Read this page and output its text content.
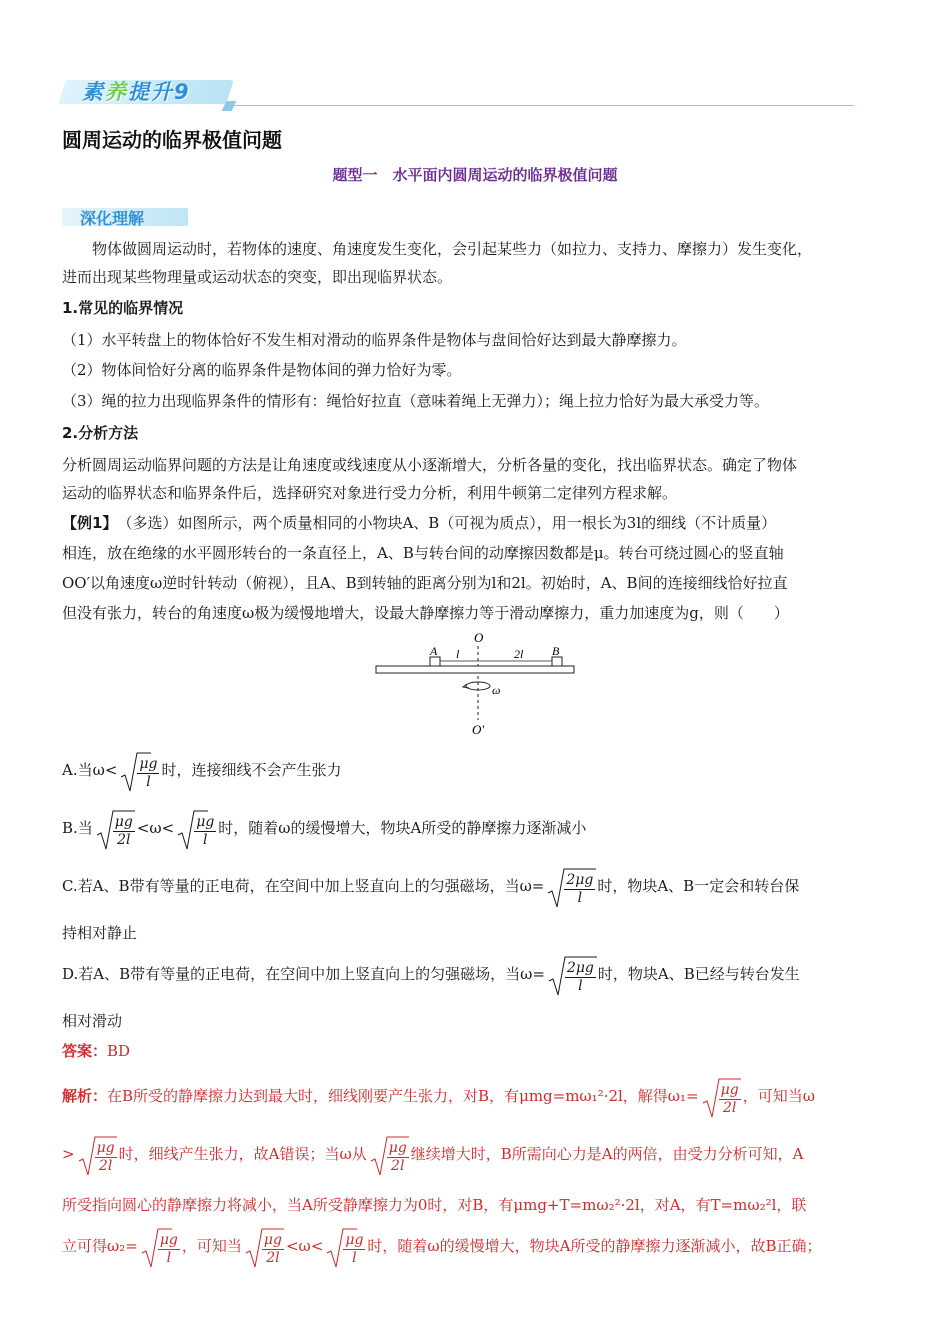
素养提升9
圆周运动的临界极值问题
题型一　水平面内圆周运动的临界极值问题
深化理解
物体做圆周运动时，若物体的速度、角速度发生变化，会引起某些力（如拉力、支持力、摩擦力）发生变化，
进而出现某些物理量或运动状态的突变，即出现临界状态。
1.常见的临界情况
（1）水平转盘上的物体恰好不发生相对滑动的临界条件是物体与盘间恰好达到最大静摩擦力。
（2）物体间恰好分离的临界条件是物体间的弹力恰好为零。
（3）绳的拉力出现临界条件的情形有：绳恰好拉直（意味着绳上无弹力）；绳上拉力恰好为最大承受力等。
2.分析方法
分析圆周运动临界问题的方法是让角速度或线速度从小逐渐增大，分析各量的变化，找出临界状态。确定了物体
运动的临界状态和临界条件后，选择研究对象进行受力分析，利用牛顿第二定律列方程求解。
【例1】　 （多选）如图所示，两个质量相同的小物块A、B（可视为质点），用一根长为3l的细线（不计质量）
相连，放在绝缘的水平圆形转台的一条直径上，A、B与转台间的动摩擦因数都是μ。转台可绕过圆心的竖直轴
OO′以角速度ω逆时针转动（俯视），且A、B到转轴的距离分别为l和2l。初始时，A、B间的连接细线恰好拉直
但没有张力，转台的角速度ω极为缓慢地增大，设最大静摩擦力等于滑动摩擦力，重力加速度为g，则（　　）
O
A	B
l	2l
ω
O′
A.当$\omega< \frac{\mu g}{l}$ 时，连接细线不会产生张力
B.当 $\frac{\mu g}{2l} <\omega< \frac{\mu g}{l}$ 时，随着ω的缓慢增大，物块A所受的静摩擦力逐渐减小
C.若A、B带有等量的正电荷，在空间中加上竖直向上的匀强磁场，当$\omega= \frac{2\mu g}{l}$ 时，物块A、B一定会和转台保
持相对静止
D.若A、B带有等量的正电荷，在空间中加上竖直向上的匀强磁场，当$\omega= \frac{2\mu g}{l}$ 时，物块A、B已经与转台发生
相对滑动
答案：BD
解析：在B所受的静摩擦力达到最大时，细线刚要产生张力，对B，有μmg=mω₁²·2l，解得$\omega_1= \frac{\mu g}{2l}$ ，可知当ω
> $\frac{\mu g}{2l}$ 时，细线产生张力，故A错误；当ω从 $\frac{\mu g}{2l}$ 继续增大时，B所需向心力是A的两倍，由受力分析可知，A
所受指向圆心的静摩擦力将减小，当A所受静摩擦力为0时，对B，有μmg+T=mω₂²·2l，对A，有T=mω₂²l，联
立可得$\omega_2= \frac{\mu g}{l}$ ，可知当 $\frac{\mu g}{2l} <\omega< \frac{\mu g}{l}$ 时，随着ω的缓慢增大，物块A所受的静摩擦力逐渐减小，故B正确；
